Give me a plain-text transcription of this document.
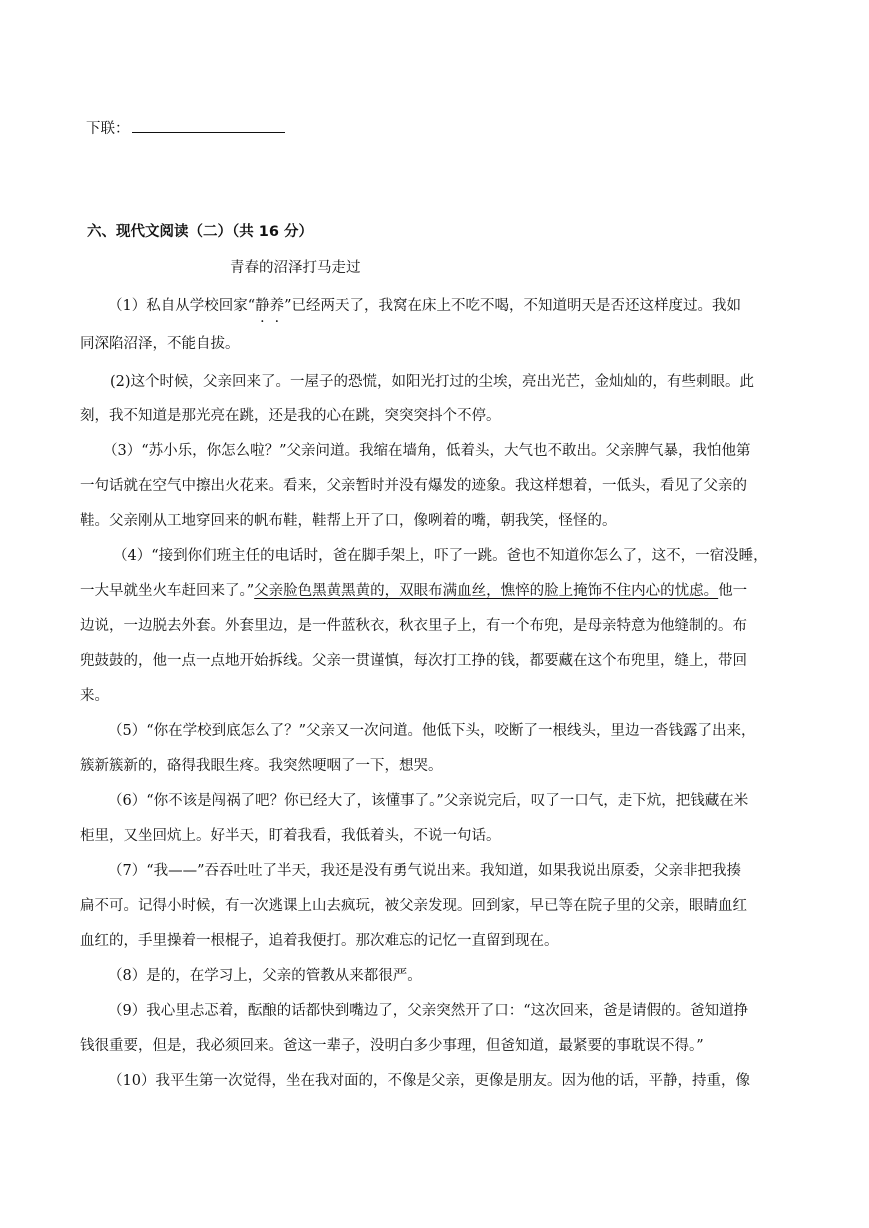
下联：
六、现代文阅读（二）（共 16 分）
青春的沼泽打马走过
（1）私自从学校回家“静养”已经两天了，我窝在床上不吃不喝，不知道明天是否还这样度过。我如
同深陷沼泽，不能自拔。
(2)这个时候，父亲回来了。一屋子的恐慌，如阳光打过的尘埃，亮出光芒，金灿灿的，有些刺眼。此
刻，我不知道是那光亮在跳，还是我的心在跳，突突突抖个不停。
（3）“苏小乐，你怎么啦？”父亲问道。我缩在墙角，低着头，大气也不敢出。父亲脾气暴，我怕他第
一句话就在空气中擦出火花来。看来，父亲暂时并没有爆发的迹象。我这样想着，一低头，看见了父亲的
鞋。父亲刚从工地穿回来的帆布鞋，鞋帮上开了口，像咧着的嘴，朝我笑，怪怪的。
（4）“接到你们班主任的电话时，爸在脚手架上，吓了一跳。爸也不知道你怎么了，这不，一宿没睡，
一大早就坐火车赶回来了。”父亲脸色黑黄黑黄的，双眼布满血丝，憔悴的脸上掩饰不住内心的忧虑。他一
边说，一边脱去外套。外套里边，是一件蓝秋衣，秋衣里子上，有一个布兜，是母亲特意为他缝制的。布
兜鼓鼓的，他一点一点地开始拆线。父亲一贯谨慎，每次打工挣的钱，都要藏在这个布兜里，缝上，带回
来。
（5）“你在学校到底怎么了？”父亲又一次问道。他低下头，咬断了一根线头，里边一沓钱露了出来，
簇新簇新的，硌得我眼生疼。我突然哽咽了一下，想哭。
（6）“你不该是闯祸了吧？你已经大了，该懂事了。”父亲说完后，叹了一口气，走下炕，把钱藏在米
柜里，又坐回炕上。好半天，盯着我看，我低着头，不说一句话。
（7）“我——”吞吞吐吐了半天，我还是没有勇气说出来。我知道，如果我说出原委，父亲非把我揍
扁不可。记得小时候，有一次逃课上山去疯玩，被父亲发现。回到家，早已等在院子里的父亲，眼睛血红
血红的，手里操着一根棍子，追着我便打。那次难忘的记忆一直留到现在。
（8）是的，在学习上，父亲的管教从来都很严。
（9）我心里忐忑着，酝酿的话都快到嘴边了，父亲突然开了口：“这次回来，爸是请假的。爸知道挣
钱很重要，但是，我必须回来。爸这一辈子，没明白多少事理，但爸知道，最紧要的事耽误不得。”
（10）我平生第一次觉得，坐在我对面的，不像是父亲，更像是朋友。因为他的话，平静，持重，像
